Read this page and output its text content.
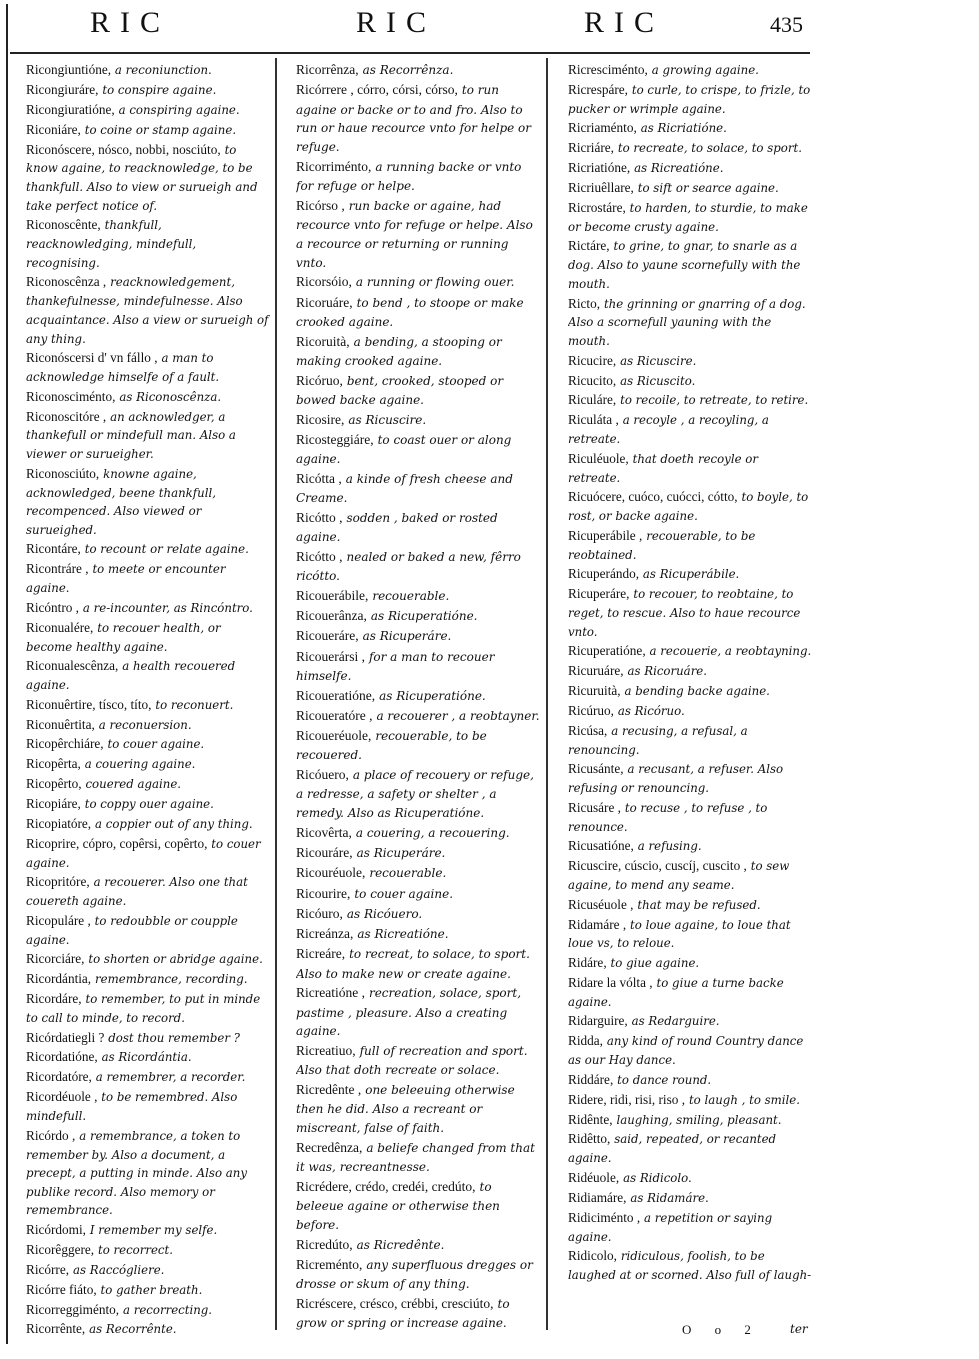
RIC	RIC	RIC	435
Ricongiuntióne, a reconiunction.
Ricongiuráre, to conspire againe.
Ricongiuratióne, a conspiring againe.
Riconiáre, to coine or stamp againe.
Riconóscere, nósco, nobbi, nosciúto, to know againe, to reacknowledge, to be thankfull. Also to view or surueigh and take perfect notice of.
Riconoscênte, thankfull, reacknowledging, mindefull, recognising.
Riconoscênza , reacknowledgement, thankefulnesse, mindefulnesse. Also acquaintance. Also a view or surueigh of any thing.
Riconóscersi d' vn fállo , a man to acknowledge himselfe of a fault.
Riconosciménto, as Riconoscênza.
Riconoscitóre , an acknowledger, a thankefull or mindefull man. Also a viewer or surueigher.
Riconosciúto, knowne againe, acknowledged, beene thankfull, recompenced. Also viewed or surueighed.
Ricontáre, to recount or relate againe.
Ricontráre , to meete or encounter againe.
Ricóntro , a re-incounter, as Rincóntro.
Riconualére, to recouer health, or become healthy againe.
Riconualescênza, a health recouered againe.
Riconuêrtire, tísco, títo, to reconuert.
Riconuêrtita, a reconuersion.
Ricopêrchiáre, to couer againe.
Ricopêrta, a couering againe.
Ricopêrto, couered againe.
Ricopiáre, to coppy ouer againe.
Ricopiatóre, a coppier out of any thing.
Ricoprire, cópro, copêrsi, copêrto, to couer againe.
Ricopritóre, a recouerer. Also one that couereth againe.
Ricopuláre , to redoubble or coupple againe.
Ricorciáre, to shorten or abridge againe.
Ricordántia, remembrance, recording.
Ricordáre, to remember, to put in minde to call to minde, to record.
Ricórdatiegli ? dost thou remember ?
Ricordatióne, as Ricordántia.
Ricordatóre, a remembrer, a recorder.
Ricordéuole , to be remembred. Also mindefull.
Ricórdo , a remembrance, a token to remember by. Also a document, a precept, a putting in minde. Also any publike record. Also memory or remembrance.
Ricórdomi, I remember my selfe.
Ricorêggere, to recorrect.
Ricórre, as Raccógliere.
Ricórre fiáto, to gather breath.
Ricorreggiménto, a recorrecting.
Ricorrênte, as Recorrênte.
Ricorrênza, as Recorrênza.
Ricórrere , córro, córsi, córso, to run againe or backe or to and fro. Also to run or haue recource vnto for helpe or refuge.
Ricorriménto, a running backe or vnto for refuge or helpe.
Ricórso , run backe or againe, had recource vnto for refuge or helpe. Also a recource or returning or running vnto.
Ricorsóio, a running or flowing ouer.
Ricoruáre, to bend , to stoope or make crooked againe.
Ricoruità, a bending, a stooping or making crooked againe.
Ricóruo, bent, crooked, stooped or bowed backe againe.
Ricosire, as Ricuscire.
Ricosteggiáre, to coast ouer or along againe.
Ricótta , a kinde of fresh cheese and Creame.
Ricótto , sodden , baked or rosted againe.
Ricótto , nealed or baked a new, fêrro ricótto.
Ricouerábile, recouerable.
Ricouerânza, as Ricuperatióne.
Ricoueráre, as Ricuperáre.
Ricouerársi , for a man to recouer himselfe.
Ricoueratióne, as Ricuperatióne.
Ricoueratóre , a recouerer , a reobtayner.
Ricoueréuole, recouerable, to be recouered.
Ricóuero, a place of recouery or refuge, a redresse, a safety or shelter , a remedy. Also as Ricuperatióne.
Ricovêrta, a couering, a recouering.
Ricouráre, as Ricuperáre.
Ricouréuole, recouerable.
Ricourire, to couer againe.
Ricóuro, as Ricóuero.
Ricreánza, as Ricreatióne.
Ricreáre, to recreat, to solace, to sport. Also to make new or create againe.
Ricreatióne , recreation, solace, sport, pastime , pleasure. Also a creating againe.
Ricreatiuo, full of recreation and sport. Also that doth recreate or solace.
Ricredênte , one beleeuing otherwise then he did. Also a recreant or miscreant, false of faith.
Recredênza, a beliefe changed from that it was, recreantnesse.
Ricrédere, crédo, credéi, credúto, to beleeue againe or otherwise then before.
Ricredúto, as Ricredênte.
Ricreménto, any superfluous dregges or drosse or skum of any thing.
Ricréscere, crésco, crébbi, cresciúto, to grow or spring or increase againe.
Ricresciménto, a growing againe.
Ricrespáre, to curle, to crispe, to frizle, to pucker or wrimple againe.
Ricriaménto, as Ricriatióne.
Ricriáre, to recreate, to solace, to sport.
Ricriatióne, as Ricreatióne.
Ricriuêllare, to sift or searce againe.
Ricrostáre, to harden, to sturdie, to make or become crusty againe.
Rictáre, to grine, to gnar, to snarle as a dog. Also to yaune scornefully with the mouth.
Ricto, the grinning or gnarring of a dog. Also a scornefull yauning with the mouth.
Ricucire, as Ricuscire.
Ricucito, as Ricuscito.
Riculáre, to recoile, to retreate, to retire.
Riculáta , a recoyle , a recoyling, a retreate.
Riculéuole, that doeth recoyle or retreate.
Ricuócere, cuóco, cuócci, cótto, to boyle, to rost, or backe againe.
Ricuperábile , recouerable, to be reobtained.
Ricuperándo, as Ricuperábile.
Ricuperáre, to recouer, to reobtaine, to reget, to rescue. Also to haue recource vnto.
Ricuperatióne, a recouerie, a reobtayning.
Ricuruáre, as Ricoruáre.
Ricuruità, a bending backe againe.
Ricúruo, as Ricóruo.
Ricúsa, a recusing, a refusal, a renouncing.
Ricusánte, a recusant, a refuser. Also refusing or renouncing.
Ricusáre , to recuse , to refuse , to renounce.
Ricusatióne, a refusing.
Ricuscire, cúscio, cuscíj, cuscito , to sew againe, to mend any seame.
Ricuséuole , that may be refused.
Ridamáre , to loue againe, to loue that loue vs, to reloue.
Ridáre, to giue againe.
Ridare la vólta , to giue a turne backe againe.
Ridarguire, as Redarguire.
Ridda, any kind of round Country dance as our Hay dance.
Riddáre, to dance round.
Ridere, ridi, risi, riso , to laugh , to smile.
Ridênte, laughing, smiling, pleasant.
Ridêtto, said, repeated, or recanted againe.
Ridéuole, as Ridicolo.
Ridiamáre, as Ridamáre.
Ridiciménto , a repetition or saying againe.
Ridicolo, ridiculous, foolish, to be laughed at or scorned. Also full of laugh-
O o 2 ter
